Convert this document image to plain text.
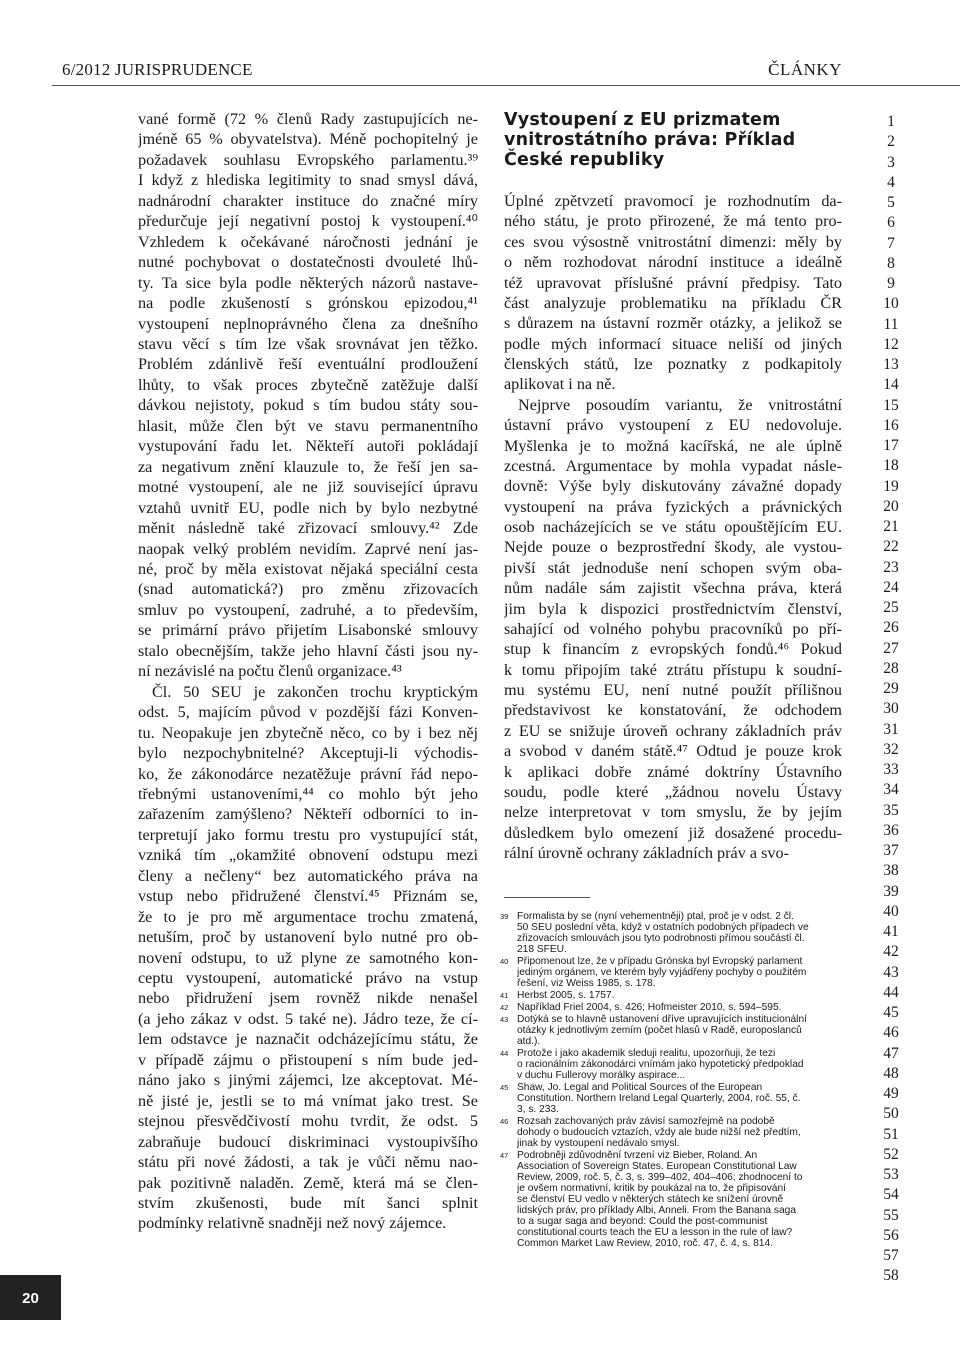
6/2012 JURISPRUDENCE	ČLÁNKY
vané formě (72 % členů Rady zastupujících ne-
jméně 65 % obyvatelstva). Méně pochopitelný je
požadavek souhlasu Evropského parlamentu.³⁹
I když z hlediska legitimity to snad smysl dává,
nadnárodní charakter instituce do značné míry
předurčuje její negativní postoj k vystoupení.⁴⁰
Vzhledem k očekávané náročnosti jednání je
nutné pochybovat o dostatečnosti dvouleté lhů-
ty. Ta sice byla podle některých názorů nastave-
na podle zkušeností s grónskou epizodou,⁴¹
vystoupení neplnoprávného člena za dnešního
stavu věcí s tím lze však srovnávat jen těžko.
Problém zdánlivě řeší eventuální prodloužení
lhůty, to však proces zbytečně zatěžuje další
dávkou nejistoty, pokud s tím budou státy sou-
hlasit, může člen být ve stavu permanentního
vystupování řadu let. Někteří autoři pokládají
za negativum znění klauzule to, že řeší jen sa-
motné vystoupení, ale ne již související úpravu
vztahů uvnitř EU, podle nich by bylo nezbytné
měnit následně také zřizovací smlouvy.⁴² Zde
naopak velký problém nevidím. Zaprvé není jas-
né, proč by měla existovat nějaká speciální cesta
(snad automatická?) pro změnu zřizovacích
smluv po vystoupení, zadruhé, a to především,
se primární právo přijetím Lisabonské smlouvy
stalo obecnějším, takže jeho hlavní části jsou ny-
ní nezávislé na počtu členů organizace.⁴³
Čl. 50 SEU je zakončen trochu kryptickým
odst. 5, majícím původ v pozdější fázi Konven-
tu. Neopakuje jen zbytečně něco, co by i bez něj
bylo nezpochybnitelné? Akceptuji-li východis-
ko, že zákonodárce nezatěžuje právní řád nepo-
třebnými ustanoveními,⁴⁴ co mohlo být jeho
zařazením zamýšleno? Někteří odborníci to in-
terpretují jako formu trestu pro vystupující stát,
vzniká tím „okamžité obnovení odstupu mezi
členy a nečleny“ bez automatického práva na
vstup nebo přidružené členství.⁴⁵ Přiznám se,
že to je pro mě argumentace trochu zmatená,
netuším, proč by ustanovení bylo nutné pro ob-
novení odstupu, to už plyne ze samotného kon-
ceptu vystoupení, automatické právo na vstup
nebo přidružení jsem rovněž nikde nenašel
(a jeho zákaz v odst. 5 také ne). Jádro teze, že cí-
lem odstavce je naznačit odcházejícímu státu, že
v případě zájmu o přistoupení s ním bude jed-
náno jako s jinými zájemci, lze akceptovat. Mé-
ně jisté je, jestli se to má vnímat jako trest. Se
stejnou přesvědčivostí mohu tvrdit, že odst. 5
zabraňuje budoucí diskriminaci vystoupivšího
státu při nové žádosti, a tak je vůči němu nao-
pak pozitivně naladěn. Země, která má se člen-
stvím zkušenosti, bude mít šanci splnit
podmínky relativně snadněji než nový zájemce.
Vystoupení z EU prizmatem
vnitrostátního práva: Příklad
České republiky
Úplné zpětvzetí pravomocí je rozhodnutím da-
ného státu, je proto přirozené, že má tento pro-
ces svou výsostně vnitrostátní dimenzi: měly by
o něm rozhodovat národní instituce a ideálně
též upravovat příslušné právní předpisy. Tato
část analyzuje problematiku na příkladu ČR
s důrazem na ústavní rozměr otázky, a jelikož se
podle mých informací situace neliší od jiných
členských států, lze poznatky z podkapitoly
aplikovat i na ně.
Nejprve posoudím variantu, že vnitrostátní
ústavní právo vystoupení z EU nedovoluje.
Myšlenka je to možná kacířská, ne ale úplně
zcestná. Argumentace by mohla vypadat násle-
dovně: Výše byly diskutovány závažné dopady
vystoupení na práva fyzických a právnických
osob nacházejících se ve státu opouštějícím EU.
Nejde pouze o bezprostřední škody, ale vystou-
pivší stát jednoduše není schopen svým oba-
nům nadále sám zajistit všechna práva, která
jim byla k dispozici prostřednictvím členství,
sahající od volného pohybu pracovníků po pří-
stup k financím z evropských fondů.⁴⁶ Pokud
k tomu připojím také ztrátu přístupu k soudní-
mu systému EU, není nutné použít přílišnou
představivost ke konstatování, že odchodem
z EU se snižuje úroveň ochrany základních práv
a svobod v daném státě.⁴⁷ Odtud je pouze krok
k aplikaci dobře známé doktríny Ústavního
soudu, podle které „žádnou novelu Ústavy
nelze interpretovat v tom smyslu, že by jejím
důsledkem bylo omezení již dosažené procedu-
rální úrovně ochrany základních práv a svo-
39 Formalista by se (nyní vehementněji) ptal, proč je v odst. 2 čl.
50 SEU poslední věta, když v ostatních podobných případech ve
zřizovacích smlouvách jsou tyto podrobnosti přímou součástí čl.
218 SFEU.
40 Připomenout lze, že v případu Grónska byl Evropský parlament
jediným orgánem, ve kterém byly vyjádřeny pochyby o použitém
řešení, viz Weiss 1985, s. 178.
41 Herbst 2005, s. 1757.
42 Například Friel 2004, s. 426; Hofmeister 2010, s. 594–595.
43 Dotýká se to hlavně ustanovení dříve upravujících institucionální
otázky k jednotlivým zemím (počet hlasů v Radě, europoslanců
atd.).
44 Protože i jako akademik sleduji realitu, upozorňuji, že tezi
o racionálním zákonodárci vnímám jako hypotetický předpoklad
v duchu Fullerovy morálky aspirace...
45 Shaw, Jo. Legal and Political Sources of the European
Constitution. Northern Ireland Legal Quarterly, 2004, roč. 55, č.
3, s. 233.
46 Rozsah zachovaných práv závisí samozřejmě na podobě
dohody o budoucích vztazích, vždy ale bude nižší než předtím,
jinak by vystoupení nedávalo smysl.
47 Podrobněji zdůvodnění tvrzení viz Bieber, Roland. An
Association of Sovereign States. European Constitutional Law
Review, 2009, roč. 5, č. 3, s. 399–402, 404–406; zhodnocení to
je ovšem normativní, kritik by poukázal na to, že připisování
se členství EU vedlo v některých státech ke snížení úrovně
lidských práv, pro příklady Albi, Anneli. From the Banana saga
to a sugar saga and beyond: Could the post-communist
constitutional courts teach the EU a lesson in the rule of law?
Common Market Law Review, 2010, roč. 47, č. 4, s. 814.
1
2
3
4
5
6
7
8
9
10
11
12
13
14
15
16
17
18
19
20
21
22
23
24
25
26
27
28
29
30
31
32
33
34
35
36
37
38
39
40
41
42
43
44
45
46
47
48
49
50
51
52
53
54
55
56
57
58
20
